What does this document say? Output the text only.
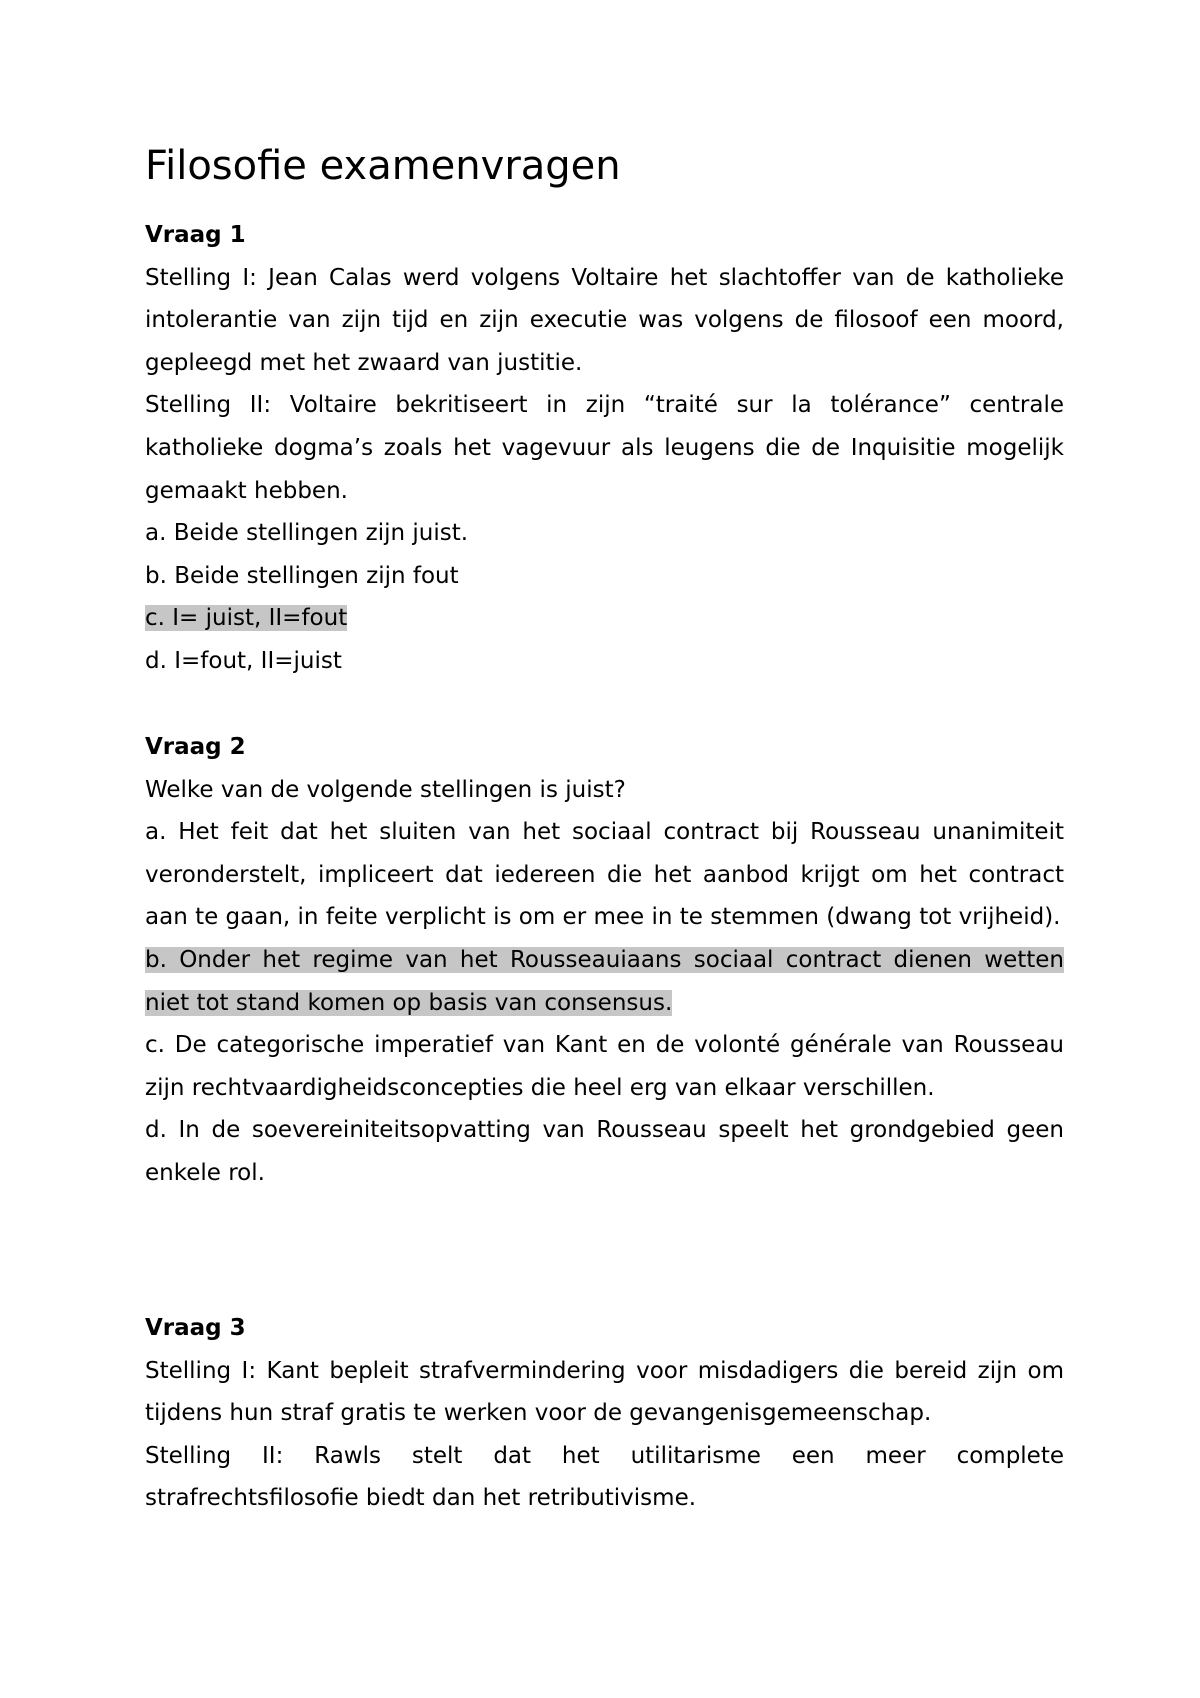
Filosofie examenvragen

Vraag 1

Stelling I: Jean Calas werd volgens Voltaire het slachtoffer van de katholieke intolerantie van zijn tijd en zijn executie was volgens de filosoof een moord, gepleegd met het zwaard van justitie.

Stelling II: Voltaire bekritiseert in zijn “traité sur la tolérance” centrale katholieke dogma’s zoals het vagevuur als leugens die de Inquisitie mogelijk gemaakt hebben.

a. Beide stellingen zijn juist.

b. Beide stellingen zijn fout

c. I= juist, II=fout

d. I=fout, II=juist

Vraag 2

Welke van de volgende stellingen is juist?

a. Het feit dat het sluiten van het sociaal contract bij Rousseau unanimiteit veronderstelt, impliceert dat iedereen die het aanbod krijgt om het contract aan te gaan, in feite verplicht is om er mee in te stemmen (dwang tot vrijheid).

b. Onder het regime van het Rousseauiaans sociaal contract dienen wetten niet tot stand komen op basis van consensus.

c. De categorische imperatief van Kant en de volonté générale van Rousseau zijn rechtvaardigheidsconcepties die heel erg van elkaar verschillen.

d. In de soevereiniteitsopvatting van Rousseau speelt het grondgebied geen enkele rol.

Vraag 3

Stelling I: Kant bepleit strafvermindering voor misdadigers die bereid zijn om tijdens hun straf gratis te werken voor de gevangenisgemeenschap.

Stelling II: Rawls stelt dat het utilitarisme een meer complete strafrechtsfilosofie biedt dan het retributivisme.
